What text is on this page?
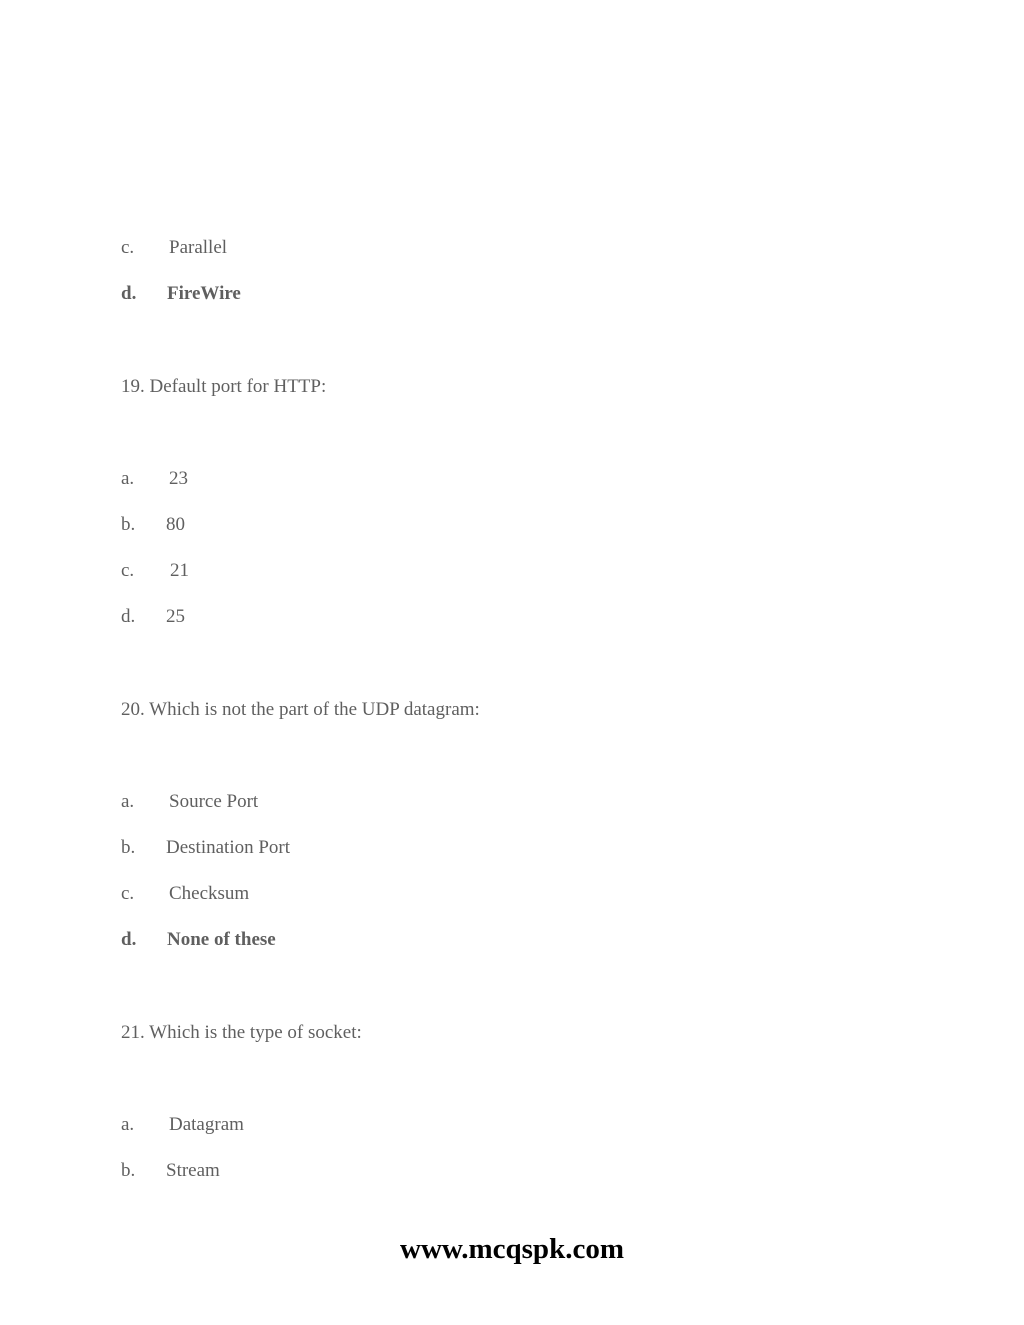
c. Parallel
d. FireWire
19. Default port for HTTP:
a. 23
b. 80
c. 21
d. 25
20. Which is not the part of the UDP datagram:
a. Source Port
b. Destination Port
c. Checksum
d. None of these
21. Which is the type of socket:
a. Datagram
b. Stream
www.mcqspk.com
